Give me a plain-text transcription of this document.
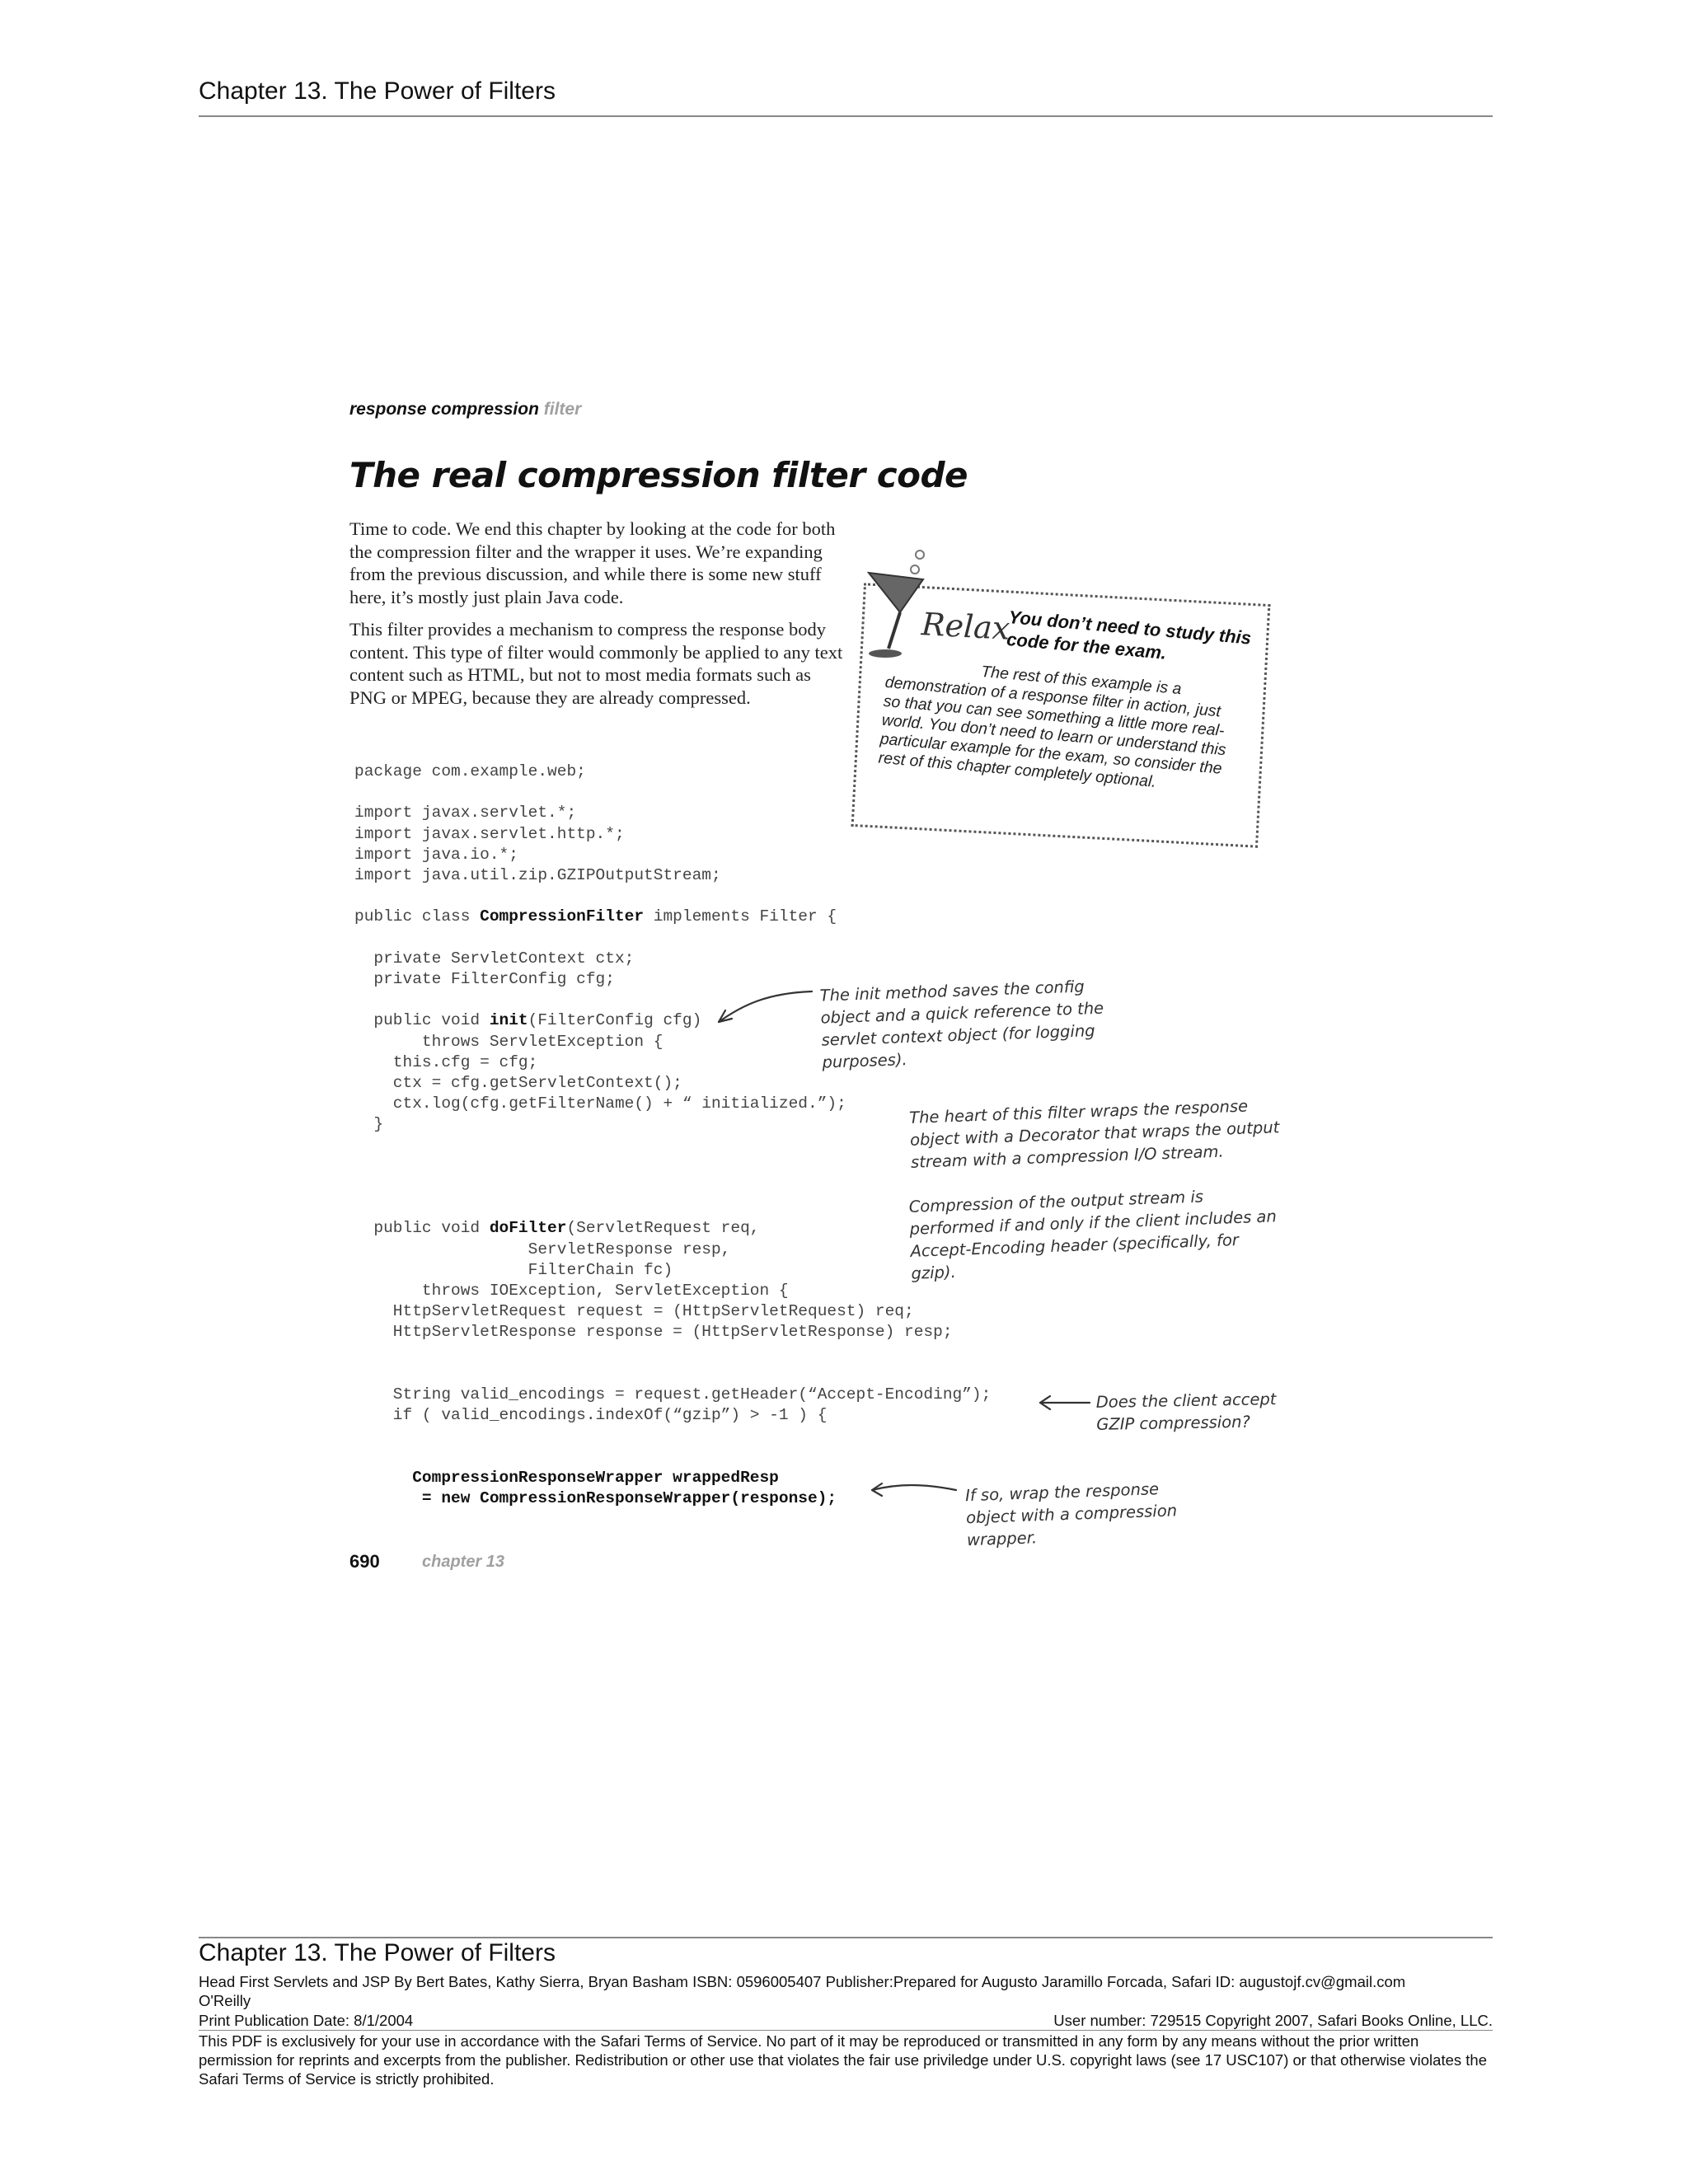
Chapter 13. The Power of Filters
response compression filter
The real compression filter code
Time to code. We end this chapter by looking at the code for both the compression filter and the wrapper it uses. We’re expanding from the previous discussion, and while there is some new stuff here, it’s mostly just plain Java code.
This filter provides a mechanism to compress the response body content. This type of filter would commonly be applied to any text content such as HTML, but not to most media formats such as PNG or MPEG, because they are already compressed.
Relax
You don’t need to study this code for the exam.
The rest of this example is a demonstration of a response filter in action, just so that you can see something a little more real-world. You don’t need to learn or understand this particular example for the exam, so consider the rest of this chapter completely optional.
package com.example.web;

import javax.servlet.*;
import javax.servlet.http.*;
import java.io.*;
import java.util.zip.GZIPOutputStream;

public class CompressionFilter implements Filter {

private ServletContext ctx;
private FilterConfig cfg;

public void init(FilterConfig cfg)
throws ServletException {
this.cfg = cfg;
ctx = cfg.getServletContext();
ctx.log(cfg.getFilterName() + “ initialized.”);
}

public void doFilter(ServletRequest req,
ServletResponse resp,
FilterChain fc)
throws IOException, ServletException {
HttpServletRequest request = (HttpServletRequest) req;
HttpServletResponse response = (HttpServletResponse) resp;

String valid_encodings = request.getHeader(“Accept-Encoding”);
if ( valid_encodings.indexOf(“gzip”) > -1 ) {

CompressionResponseWrapper wrappedResp
= new CompressionResponseWrapper(response);
The init method saves the config object and a quick reference to the servlet context object (for logging purposes).
The heart of this filter wraps the response object with a Decorator that wraps the output stream with a compression I/O stream.
Compression of the output stream is performed if and only if the client includes an Accept-Encoding header (specifically, for gzip).
Does the client accept GZIP compression?
If so, wrap the response object with a compression wrapper.
690	chapter 13
Chapter 13. The Power of Filters
Head First Servlets and JSP By Bert Bates, Kathy Sierra, Bryan Basham ISBN: 0596005407 Publisher:Prepared for Augusto Jaramillo Forcada, Safari ID: augustojf.cv@gmail.com
O'Reilly
Print Publication Date: 8/1/2004	User number: 729515 Copyright 2007, Safari Books Online, LLC.
This PDF is exclusively for your use in accordance with the Safari Terms of Service. No part of it may be reproduced or transmitted in any form by any means without the prior written permission for reprints and excerpts from the publisher. Redistribution or other use that violates the fair use priviledge under U.S. copyright laws (see 17 USC107) or that otherwise violates the Safari Terms of Service is strictly prohibited.
